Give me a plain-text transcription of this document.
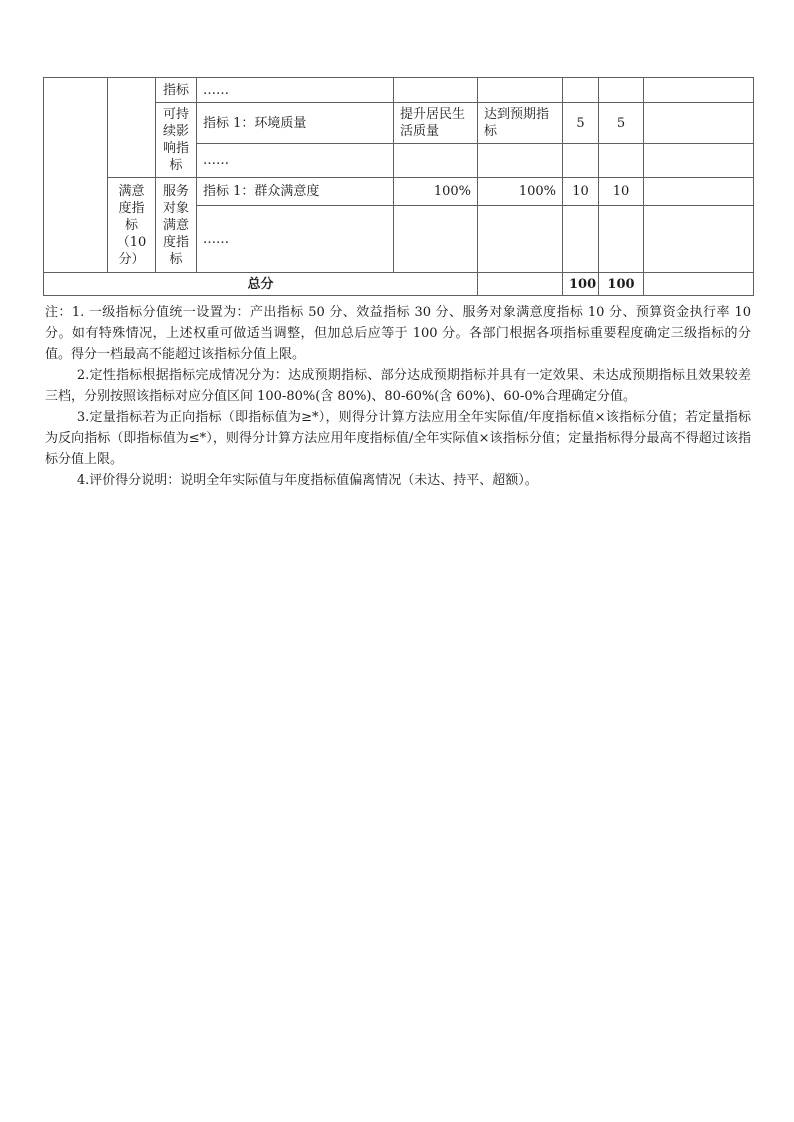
		指标	……					
		可持续影响指标	指标 1：环境质量	提升居民生活质量	达到预期指标	5	5	
			……					
	满意度指标（10分）	服务对象满意度指标	指标 1：群众满意度	100%	100%	10	10	
			……					
总分						100	100	

注：1. 一级指标分值统一设置为：产出指标 50 分、效益指标 30 分、服务对象满意度指标 10 分、预算资金执行率 10 分。如有特殊情况，上述权重可做适当调整，但加总后应等于 100 分。各部门根据各项指标重要程度确定三级指标的分值。得分一档最高不能超过该指标分值上限。

2.定性指标根据指标完成情况分为：达成预期指标、部分达成预期指标并具有一定效果、未达成预期指标且效果较差三档，分别按照该指标对应分值区间 100-80%(含 80%)、80-60%(含 60%)、60-0%合理确定分值。

3.定量指标若为正向指标（即指标值为≥*），则得分计算方法应用全年实际值/年度指标值×该指标分值；若定量指标为反向指标（即指标值为≤*），则得分计算方法应用年度指标值/全年实际值×该指标分值；定量指标得分最高不得超过该指标分值上限。

4.评价得分说明：说明全年实际值与年度指标值偏离情况（未达、持平、超额）。
